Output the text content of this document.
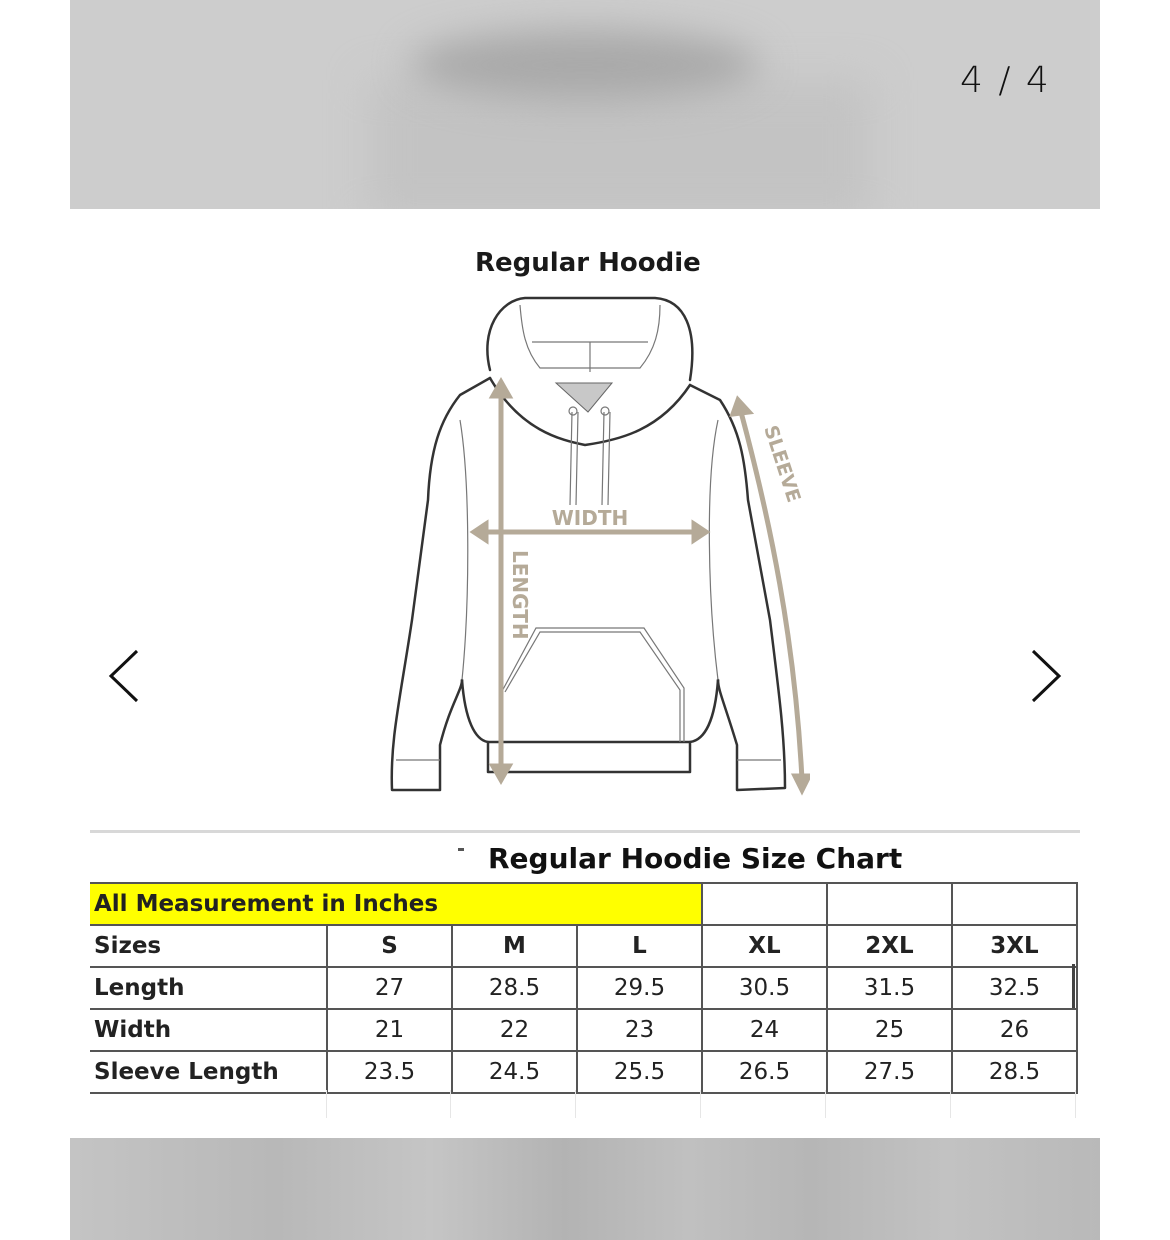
4 / 4
Regular Hoodie
WIDTH
LENGTH
SLEEVE
Regular Hoodie Size Chart
All Measurement in Inches						
Sizes	S	M	L	XL	2XL	3XL
Length	27	28.5	29.5	30.5	31.5	32.5
Width	21	22	23	24	25	26
Sleeve Length	23.5	24.5	25.5	26.5	27.5	28.5
